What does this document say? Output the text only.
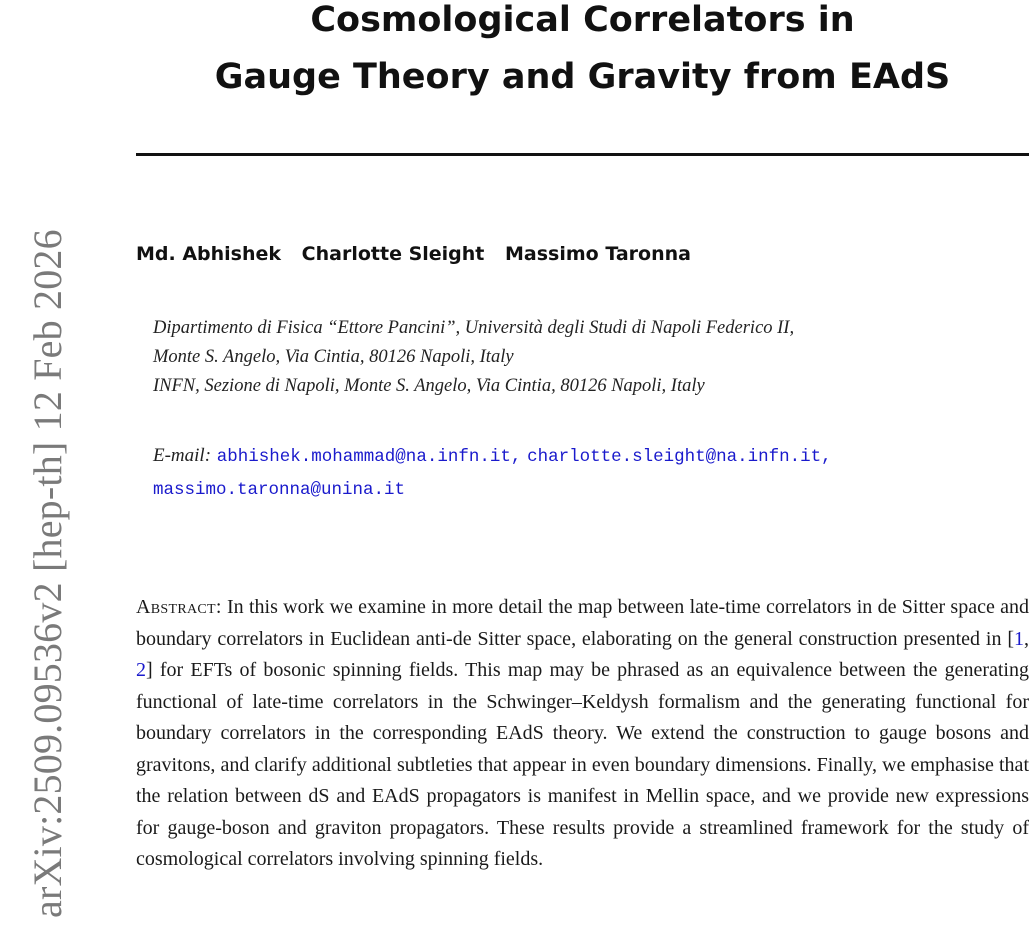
arXiv:2509.09536v2 [hep-th] 12 Feb 2026
Cosmological Correlators in
Gauge Theory and Gravity from EAdS
Md. Abhishek Charlotte Sleight Massimo Taronna
Dipartimento di Fisica “Ettore Pancini”, Università degli Studi di Napoli Federico II,
Monte S. Angelo, Via Cintia, 80126 Napoli, Italy
INFN, Sezione di Napoli, Monte S. Angelo, Via Cintia, 80126 Napoli, Italy
E-mail: abhishek.mohammad@na.infn.it, charlotte.sleight@na.infn.it,
massimo.taronna@unina.it
Abstract: In this work we examine in more detail the map between late-time correlators in de Sitter space and boundary correlators in Euclidean anti-de Sitter space, elaborating on the general construction presented in [1, 2] for EFTs of bosonic spinning fields. This map may be phrased as an equivalence between the generating functional of late-time correlators in the Schwinger–Keldysh formalism and the generating functional for boundary correlators in the corresponding EAdS theory. We extend the construction to gauge bosons and gravitons, and clarify additional subtleties that appear in even boundary dimensions. Finally, we emphasise that the relation between dS and EAdS propagators is manifest in Mellin space, and we provide new expressions for gauge-boson and graviton propagators. These results provide a streamlined framework for the study of cosmological correlators involving spinning fields.
